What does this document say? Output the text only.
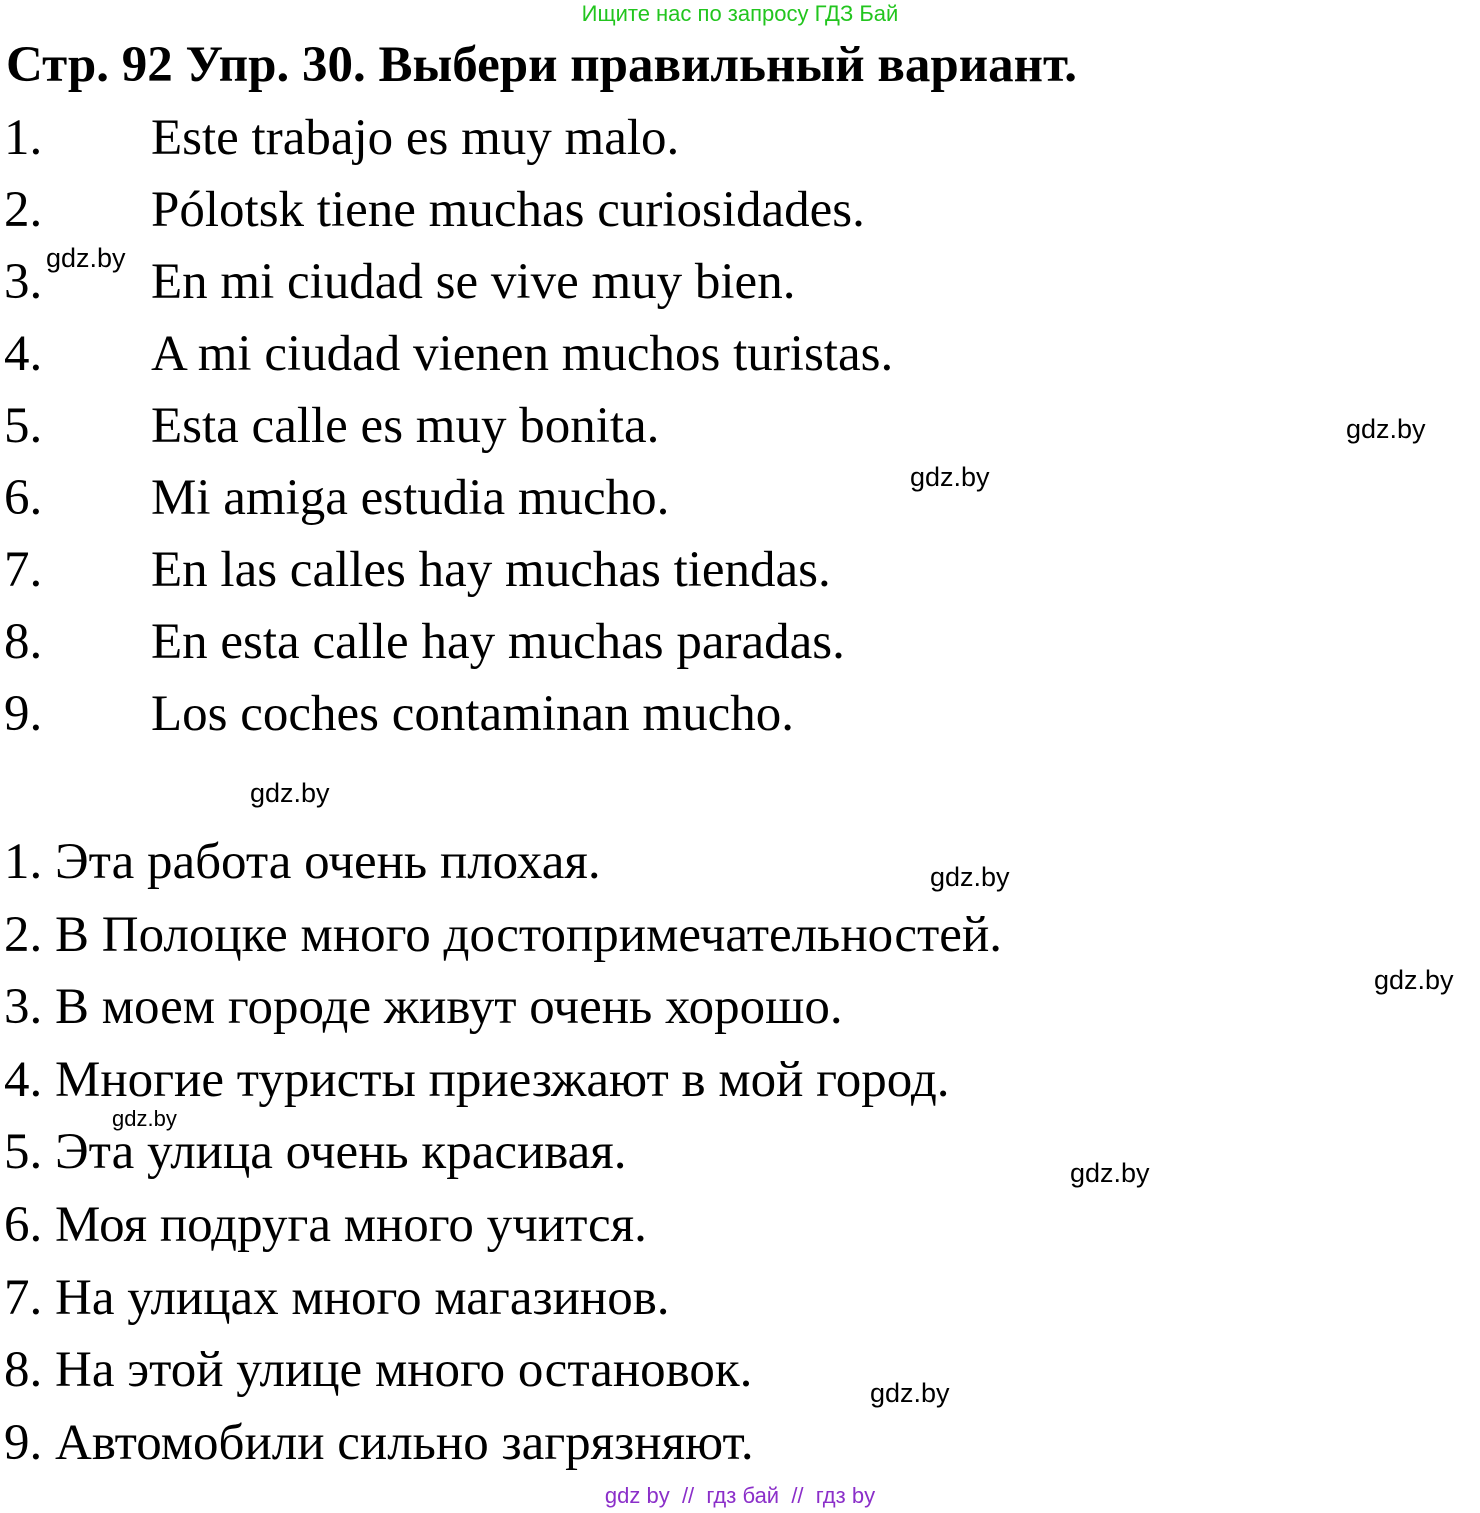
Ищите нас по запросу ГДЗ Бай
Стр. 92 Упр. 30. Выбери правильный вариант.
1. Este trabajo es muy malo.
2. Pólotsk tiene muchas curiosidades.
3. En mi ciudad se vive muy bien.
4. A mi ciudad vienen muchos turistas.
5. Esta calle es muy bonita.
6. Mi amiga estudia mucho.
7. En las calles hay muchas tiendas.
8. En esta calle hay muchas paradas.
9. Los coches contaminan mucho.
1. Эта работа очень плохая.
2. В Полоцке много достопримечательностей.
3. В моем городе живут очень хорошо.
4. Многие туристы приезжают в мой город.
5. Эта улица очень красивая.
6. Моя подруга много учится.
7. На улицах много магазинов.
8. На этой улице много остановок.
9. Автомобили сильно загрязняют.
gdz.by
gdz.by
gdz.by
gdz.by
gdz.by
gdz.by
gdz.by
gdz.by
gdz.by
gdz by  //  гдз бай  //  гдз by
